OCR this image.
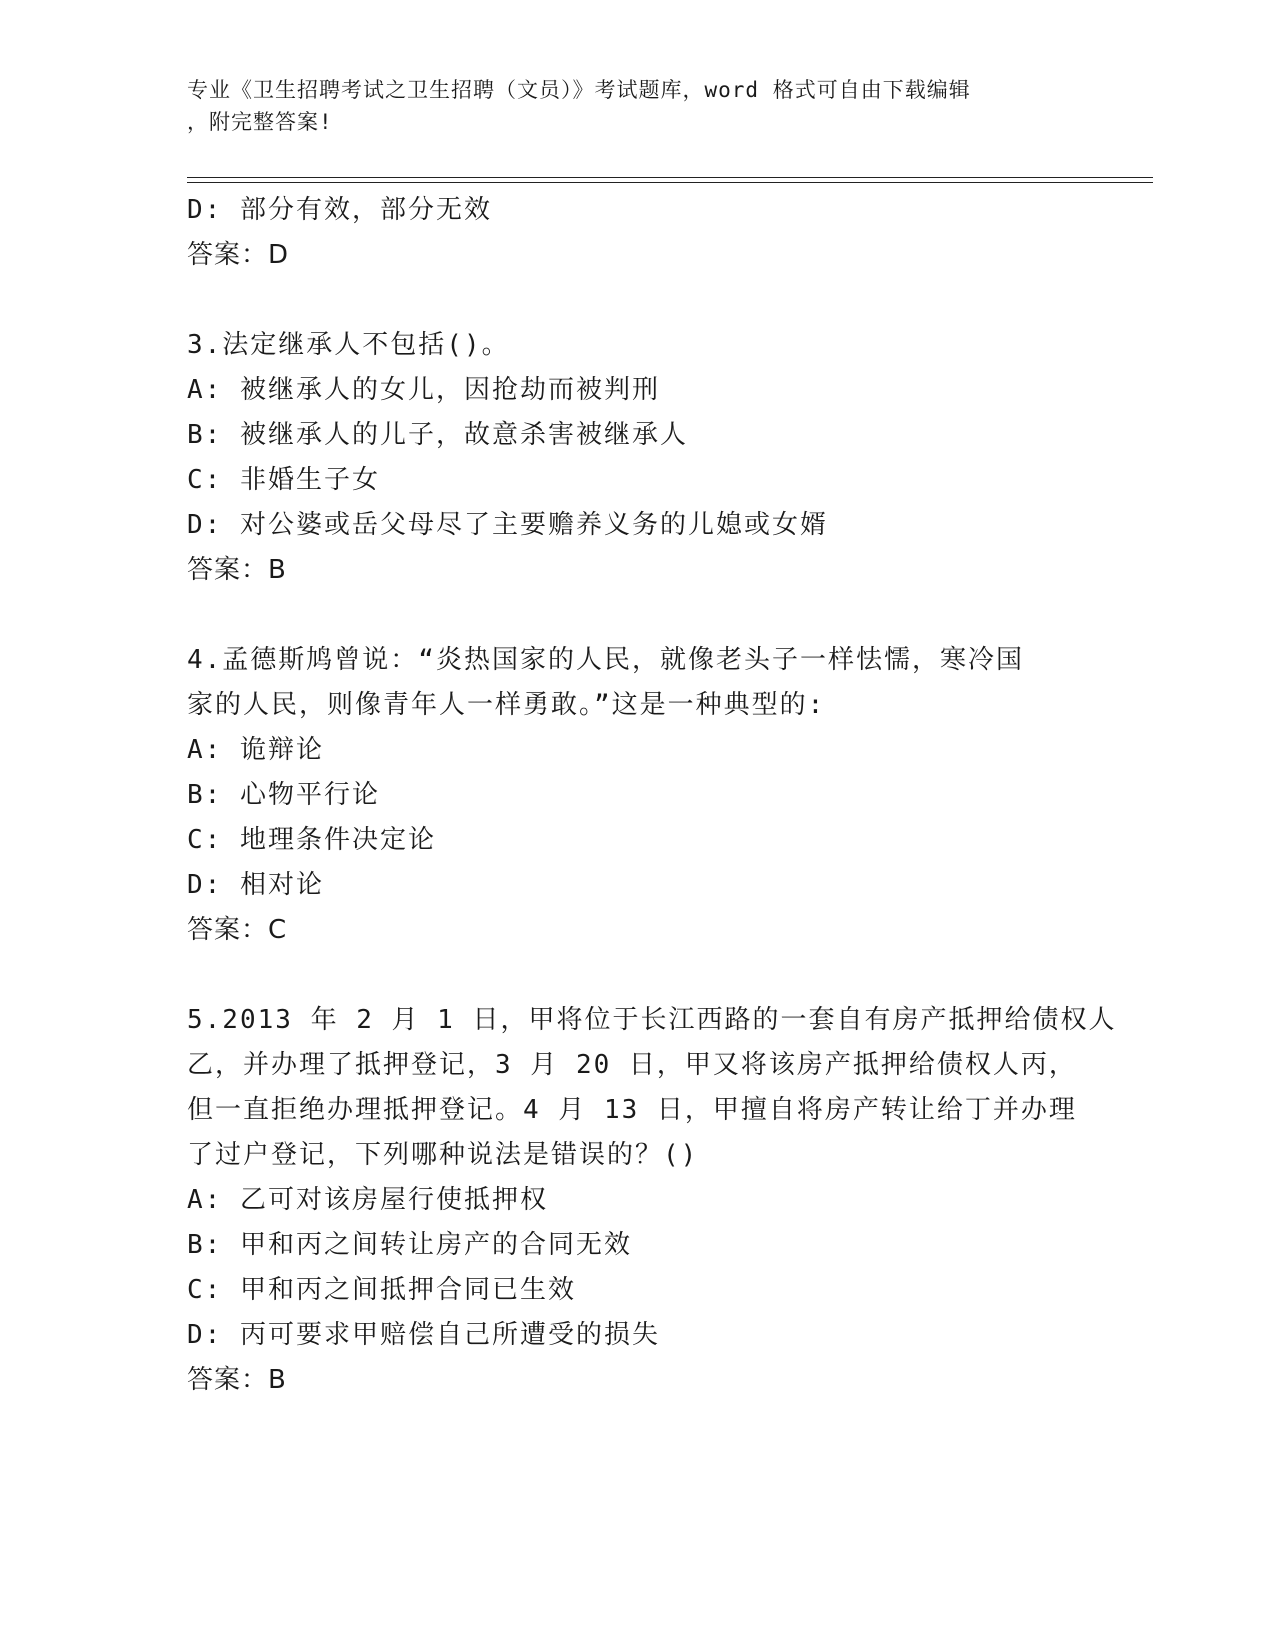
专业《卫生招聘考试之卫生招聘（文员）》考试题库，word 格式可自由下载编辑
，附完整答案!
D: 部分有效，部分无效
答案：D
3.法定继承人不包括()。
A: 被继承人的女儿，因抢劫而被判刑
B: 被继承人的儿子，故意杀害被继承人
C: 非婚生子女
D: 对公婆或岳父母尽了主要赡养义务的儿媳或女婿
答案：B
4.孟德斯鸠曾说：“炎热国家的人民，就像老头子一样怯懦，寒冷国
家的人民，则像青年人一样勇敢。”这是一种典型的:
A: 诡辩论
B: 心物平行论
C: 地理条件决定论
D: 相对论
答案：C
5.2013 年 2 月 1 日，甲将位于长江西路的一套自有房产抵押给债权人
乙，并办理了抵押登记，3 月 20 日，甲又将该房产抵押给债权人丙，
但一直拒绝办理抵押登记。4 月 13 日，甲擅自将房产转让给丁并办理
了过户登记，下列哪种说法是错误的？()
A: 乙可对该房屋行使抵押权
B: 甲和丙之间转让房产的合同无效
C: 甲和丙之间抵押合同已生效
D: 丙可要求甲赔偿自己所遭受的损失
答案：B
